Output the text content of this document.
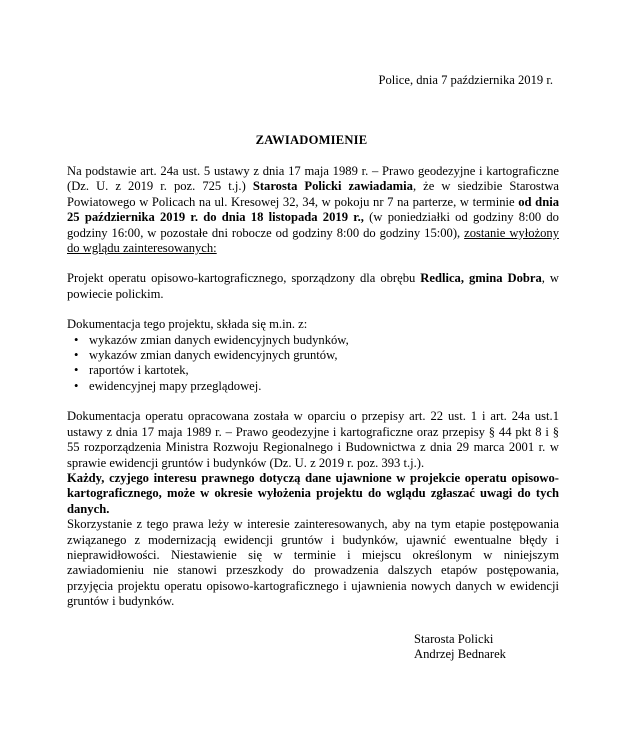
Police, dnia 7 października 2019 r.
ZAWIADOMIENIE

Na podstawie art. 24a ust. 5 ustawy z dnia 17 maja 1989 r. – Prawo geodezyjne i kartograficzne (Dz. U. z 2019 r. poz. 725 t.j.) Starosta Policki zawiadamia, że w siedzibie Starostwa Powiatowego w Policach na ul. Kresowej 32, 34, w pokoju nr 7 na parterze, w terminie od dnia 25 października 2019 r. do dnia 18 listopada 2019 r., (w poniedziałki od godziny 8:00 do godziny 16:00, w pozostałe dni robocze od godziny 8:00 do godziny 15:00), zostanie wyłożony do wglądu zainteresowanych:

Projekt operatu opisowo-kartograficznego, sporządzony dla obrębu Redlica, gmina Dobra, w powiecie polickim.

Dokumentacja tego projektu, składa się m.in. z:

• wykazów zmian danych ewidencyjnych budynków,
• wykazów zmian danych ewidencyjnych gruntów,
• raportów i kartotek,
• ewidencyjnej mapy przeglądowej.

Dokumentacja operatu opracowana została w oparciu o przepisy art. 22 ust. 1 i art. 24a ust.1 ustawy z dnia 17 maja 1989 r. – Prawo geodezyjne i kartograficzne oraz przepisy § 44 pkt 8 i § 55 rozporządzenia Ministra Rozwoju Regionalnego i Budownictwa z dnia 29 marca 2001 r. w sprawie ewidencji gruntów i budynków (Dz. U. z 2019 r. poz. 393 t.j.).

Każdy, czyjego interesu prawnego dotyczą dane ujawnione w projekcie operatu opisowo-kartograficznego, może w okresie wyłożenia projektu do wglądu zgłaszać uwagi do tych danych.

Skorzystanie z tego prawa leży w interesie zainteresowanych, aby na tym etapie postępowania związanego z modernizacją ewidencji gruntów i budynków, ujawnić ewentualne błędy i nieprawidłowości. Niestawienie się w terminie i miejscu określonym w niniejszym zawiadomieniu nie stanowi przeszkody do prowadzenia dalszych etapów postępowania, przyjęcia projektu operatu opisowo-kartograficznego i ujawnienia nowych danych w ewidencji gruntów i budynków.

Starosta Policki
Andrzej Bednarek
